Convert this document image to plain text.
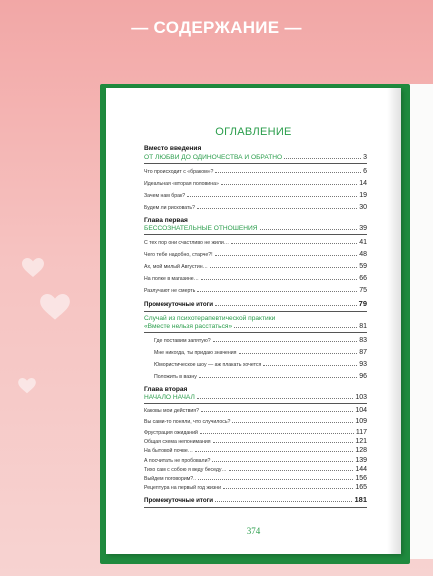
— СОДЕРЖАНИЕ —
ОГЛАВЛЕНИЕ
Вместо введения
ОТ ЛЮБВИ ДО ОДИНОЧЕСТВА И ОБРАТНО	3
Что происходит с «браком»?	6
Идеальная «вторая половина»	14
Зачем нам брак?	19
Будем ли рисковать?	30
Глава первая
БЕССОЗНАТЕЛЬНЫЕ ОТНОШЕНИЯ	39
С тех пор они счастливо не жили…	41
Чего тебе надобно, старче?!	48
Ах, мой милый Августин…	59
На полке в магазине…	66
Разлучают не смерть	75
Промежуточные итоги	79
Случай из психотерапевтической практики
«Вместе нельзя расстаться»	81
Где поставим запятую?	83
Мне никогда, ты придаю значения	87
Юмористическое шоу — аж плакать хочется	93
Положить в вазну	96
Глава вторая
НАЧАЛО НАЧАЛ	103
Каковы мои действия?	104
Вы сами-то поняли, что случилось?	109
Фрустрация ожиданий	117
Общая схема непонимания	121
На бытовой почве…	128
А посчитать не пробовали?	139
Тихо сам с собою я веду беседу…	144
Выйдем поговорим?..	156
Рецептура на первый год жизни	165
Промежуточные итоги	181
374
